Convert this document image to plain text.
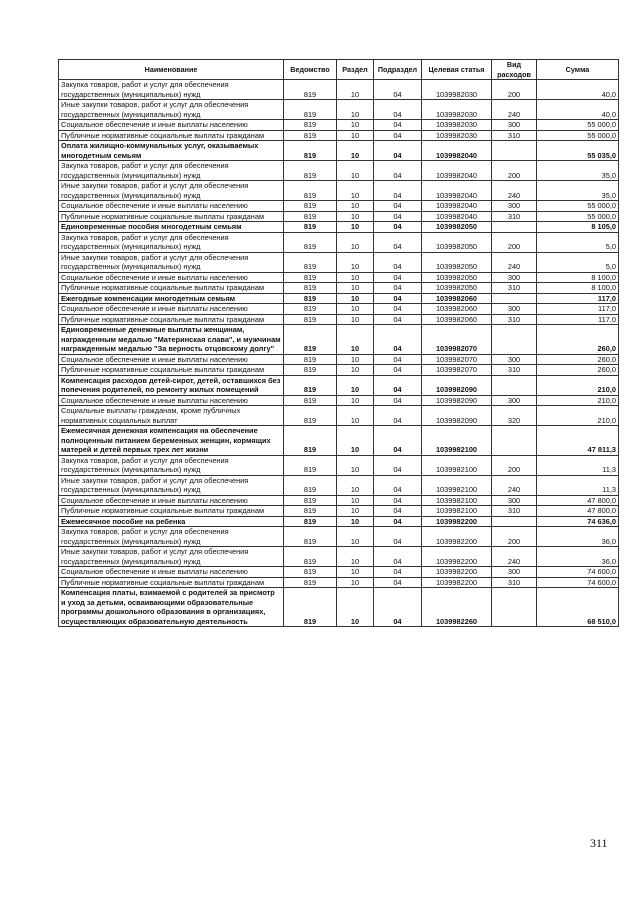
Наименование	Ведомство	Раздел	Подраздел	Целевая статья	Вид расходов	Сумма
Закупка товаров, работ и услуг для обеспечения государственных (муниципальных) нужд	819	10	04	1039982030	200	40,0
Иные закупки товаров, работ и услуг для обеспечения государственных (муниципальных) нужд	819	10	04	1039982030	240	40,0
Социальное обеспечение и иные выплаты населению	819	10	04	1039982030	300	55 000,0
Публичные нормативные социальные выплаты гражданам	819	10	04	1039982030	310	55 000,0
Оплата жилищно-коммунальных услуг, оказываемых многодетным семьям	819	10	04	1039982040		55 035,0
Закупка товаров, работ и услуг для обеспечения государственных (муниципальных) нужд	819	10	04	1039982040	200	35,0
Иные закупки товаров, работ и услуг для обеспечения государственных (муниципальных) нужд	819	10	04	1039982040	240	35,0
Социальное обеспечение и иные выплаты населению	819	10	04	1039982040	300	55 000,0
Публичные нормативные социальные выплаты гражданам	819	10	04	1039982040	310	55 000,0
Единовременные пособия многодетным семьям	819	10	04	1039982050		8 105,0
Закупка товаров, работ и услуг для обеспечения государственных (муниципальных) нужд	819	10	04	1039982050	200	5,0
Иные закупки товаров, работ и услуг для обеспечения государственных (муниципальных) нужд	819	10	04	1039982050	240	5,0
Социальное обеспечение и иные выплаты населению	819	10	04	1039982050	300	8 100,0
Публичные нормативные социальные выплаты гражданам	819	10	04	1039982050	310	8 100,0
Ежегодные компенсации многодетным семьям	819	10	04	1039982060		117,0
Социальное обеспечение и иные выплаты населению	819	10	04	1039982060	300	117,0
Публичные нормативные социальные выплаты гражданам	819	10	04	1039982060	310	117,0
Единовременные денежные выплаты женщинам, награжденным медалью "Материнская слава", и мужчинам награжденным медалью "За верность отцовскому долгу"	819	10	04	1039982070		260,0
Социальное обеспечение и иные выплаты населению	819	10	04	1039982070	300	260,0
Публичные нормативные социальные выплаты гражданам	819	10	04	1039982070	310	260,0
Компенсация расходов детей-сирот, детей, оставшихся без попечения родителей, по ремонту жилых помещений	819	10	04	1039982090		210,0
Социальное обеспечение и иные выплаты населению	819	10	04	1039982090	300	210,0
Социальные выплаты гражданам, кроме публичных нормативных социальных выплат	819	10	04	1039982090	320	210,0
Ежемесячная денежная компенсация на обеспечение полноценным питанием беременных женщин, кормящих матерей и детей первых трех лет жизни	819	10	04	1039982100		47 811,3
Закупка товаров, работ и услуг для обеспечения государственных (муниципальных) нужд	819	10	04	1039982100	200	11,3
Иные закупки товаров, работ и услуг для обеспечения государственных (муниципальных) нужд	819	10	04	1039982100	240	11,3
Социальное обеспечение и иные выплаты населению	819	10	04	1039982100	300	47 800,0
Публичные нормативные социальные выплаты гражданам	819	10	04	1039982100	310	47 800,0
Ежемесячное пособие на ребенка	819	10	04	1039982200		74 636,0
Закупка товаров, работ и услуг для обеспечения государственных (муниципальных) нужд	819	10	04	1039982200	200	36,0
Иные закупки товаров, работ и услуг для обеспечения государственных (муниципальных) нужд	819	10	04	1039982200	240	36,0
Социальное обеспечение и иные выплаты населению	819	10	04	1039982200	300	74 600,0
Публичные нормативные социальные выплаты гражданам	819	10	04	1039982200	310	74 600,0
Компенсация платы, взимаемой с родителей за присмотр и уход за детьми, осваивающими образовательные программы дошкольного образования в организациях, осуществляющих образовательную деятельность	819	10	04	1039982260		68 510,0
311
